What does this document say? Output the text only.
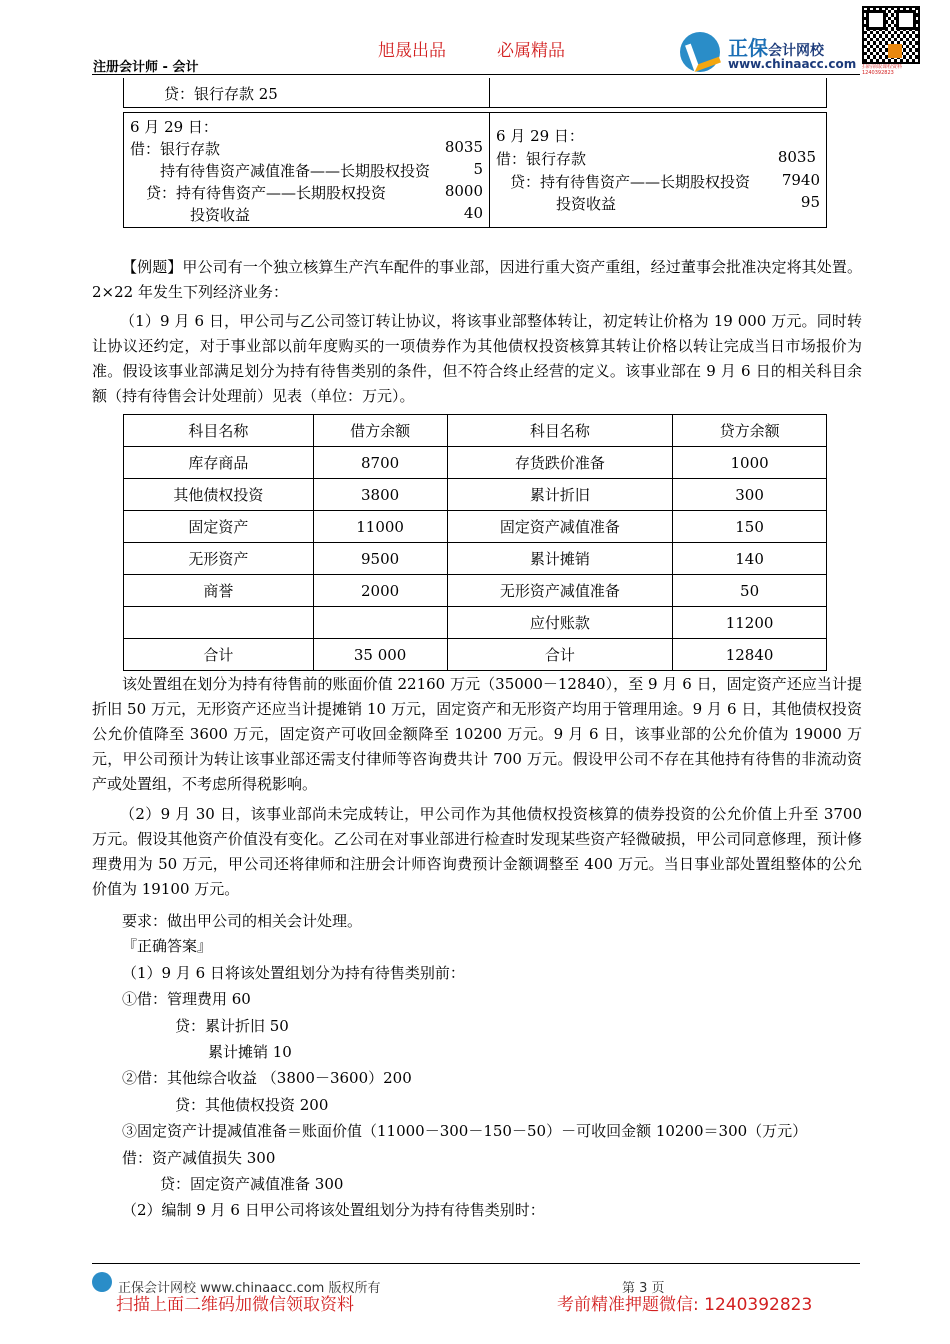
旭晟出品	必属精品
注册会计师 - 会计
正保会计网校
www.chinaacc.com 扫码领取课程资料 1240392823
贷：银行存款 25
6 月 29 日：
借：银行存款	8035
持有待售资产减值准备——长期股权投资	5
贷：持有待售资产——长期股权投资	8000
投资收益	40
6 月 29 日：
借：银行存款	8035
贷：持有待售资产——长期股权投资 7940
投资收益	95
【例题】甲公司有一个独立核算生产汽车配件的事业部，因进行重大资产重组，经过董事会批准决定将其处置。2×22 年发生下列经济业务：
（1）9 月 6 日，甲公司与乙公司签订转让协议，将该事业部整体转让，初定转让价格为 19 000 万元。同时转让协议还约定，对于事业部以前年度购买的一项债券作为其他债权投资核算其转让价格以转让完成当日市场报价为准。假设该事业部满足划分为持有待售类别的条件，但不符合终止经营的定义。该事业部在 9 月 6 日的相关科目余额（持有待售会计处理前）见表（单位：万元）。
科目名称	借方余额	科目名称	贷方余额
库存商品	8700	存货跌价准备	1000
其他债权投资	3800	累计折旧	300
固定资产	11000	固定资产减值准备	150
无形资产	9500	累计摊销	140
商誉	2000	无形资产减值准备	50
		应付账款	11200
合计	35 000	合计	12840
该处置组在划分为持有待售前的账面价值 22160 万元（35000－12840），至 9 月 6 日，固定资产还应当计提折旧 50 万元，无形资产还应当计提摊销 10 万元，固定资产和无形资产均用于管理用途。9 月 6 日，其他债权投资公允价值降至 3600 万元，固定资产可收回金额降至 10200 万元。9 月 6 日，该事业部的公允价值为 19000 万元，甲公司预计为转让该事业部还需支付律师等咨询费共计 700 万元。假设甲公司不存在其他持有待售的非流动资产或处置组，不考虑所得税影响。
（2）9 月 30 日，该事业部尚未完成转让，甲公司作为其他债权投资核算的债券投资的公允价值上升至 3700 万元。假设其他资产价值没有变化。乙公司在对事业部进行检查时发现某些资产轻微破损，甲公司同意修理，预计修理费用为 50 万元，甲公司还将律师和注册会计师咨询费预计金额调整至 400 万元。当日事业部处置组整体的公允价值为 19100 万元。
要求：做出甲公司的相关会计处理。
『正确答案』
（1）9 月 6 日将该处置组划分为持有待售类别前：
①借：管理费用 60
贷：累计折旧 50
累计摊销 10
②借：其他综合收益 （3800－3600）200
贷：其他债权投资 200
③固定资产计提减值准备＝账面价值（11000－300－150－50）－可收回金额 10200＝300（万元）
借：资产减值损失 300
贷：固定资产减值准备 300
（2）编制 9 月 6 日甲公司将该处置组划分为持有待售类别时：
正保会计网校 www.chinaacc.com 版权所有	第 3 页
扫描上面二维码加微信领取资料	考前精准押题微信: 1240392823
